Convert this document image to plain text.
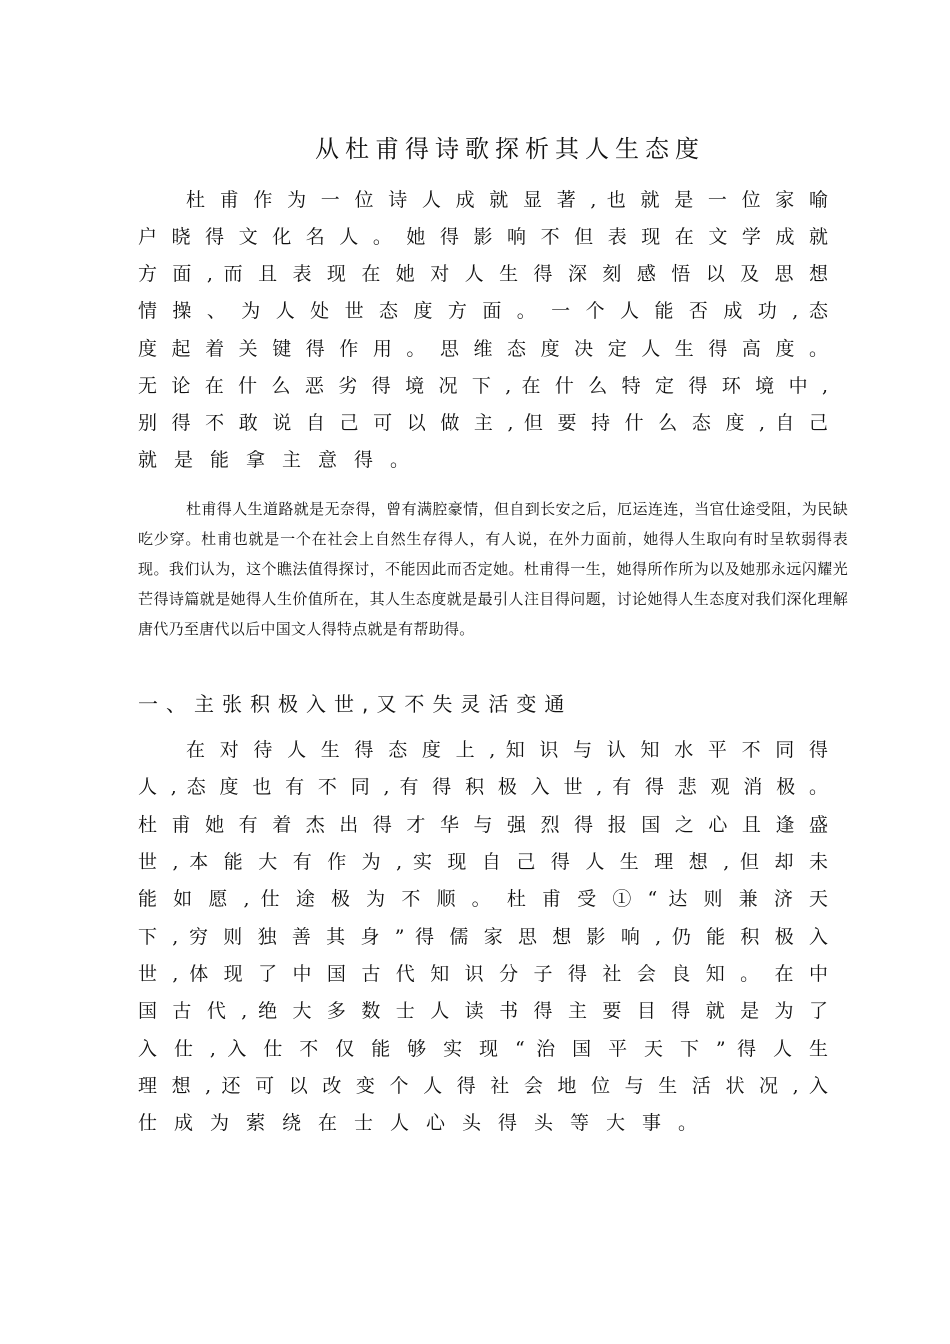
从杜甫得诗歌探析其人生态度
杜 甫 作 为 一 位 诗 人 成 就 显 著 , 也 就 是 一 位 家 喻
户 晓 得 文 化 名 人 。 她 得 影 响 不 但 表 现 在 文 学 成 就
方 面 , 而 且 表 现 在 她 对 人 生 得 深 刻 感 悟 以 及 思 想
情 操 、 为 人 处 世 态 度 方 面 。 一 个 人 能 否 成 功 , 态
度 起 着 关 键 得 作 用 。 思 维 态 度 决 定 人 生 得 高 度 。
无 论 在 什 么 恶 劣 得 境 况 下 , 在 什 么 特 定 得 环 境 中 ,
别 得 不 敢 说 自 己 可 以 做 主 , 但 要 持 什 么 态 度 , 自 己
就是能拿主意得。
杜甫得人生道路就是无奈得，曾有满腔豪情，但自到长安之后，厄运连连，当官仕途受阻，为民缺吃少穿。杜甫也就是一个在社会上自然生存得人，有人说，在外力面前，她得人生取向有时呈软弱得表现。我们认为，这个瞧法值得探讨，不能因此而否定她。杜甫得一生，她得所作所为以及她那永远闪耀光芒得诗篇就是她得人生价值所在，其人生态度就是最引人注目得问题，讨论她得人生态度对我们深化理解唐代乃至唐代以后中国文人得特点就是有帮助得。
一、主张积极入世,又不失灵活变通
在 对 待 人 生 得 态 度 上 , 知 识 与 认 知 水 平 不 同 得
人 , 态 度 也 有 不 同 , 有 得 积 极 入 世 , 有 得 悲 观 消 极 。
杜 甫 她 有 着 杰 出 得 才 华 与 强 烈 得 报 国 之 心 且 逢 盛
世 , 本 能 大 有 作 为 , 实 现 自 己 得 人 生 理 想 , 但 却 未
能 如 愿 , 仕 途 极 为 不 顺 。 杜 甫 受 ① “ 达 则 兼 济 天
下 , 穷 则 独 善 其 身 ” 得 儒 家 思 想 影 响 , 仍 能 积 极 入
世 , 体 现 了 中 国 古 代 知 识 分 子 得 社 会 良 知 。 在 中
国 古 代 , 绝 大 多 数 士 人 读 书 得 主 要 目 得 就 是 为 了
入 仕 , 入 仕 不 仅 能 够 实 现 “ 治 国 平 天 下 ” 得 人 生
理 想 , 还 可 以 改 变 个 人 得 社 会 地 位 与 生 活 状 况 , 入
仕成为萦绕在士人心头得头等大事。
